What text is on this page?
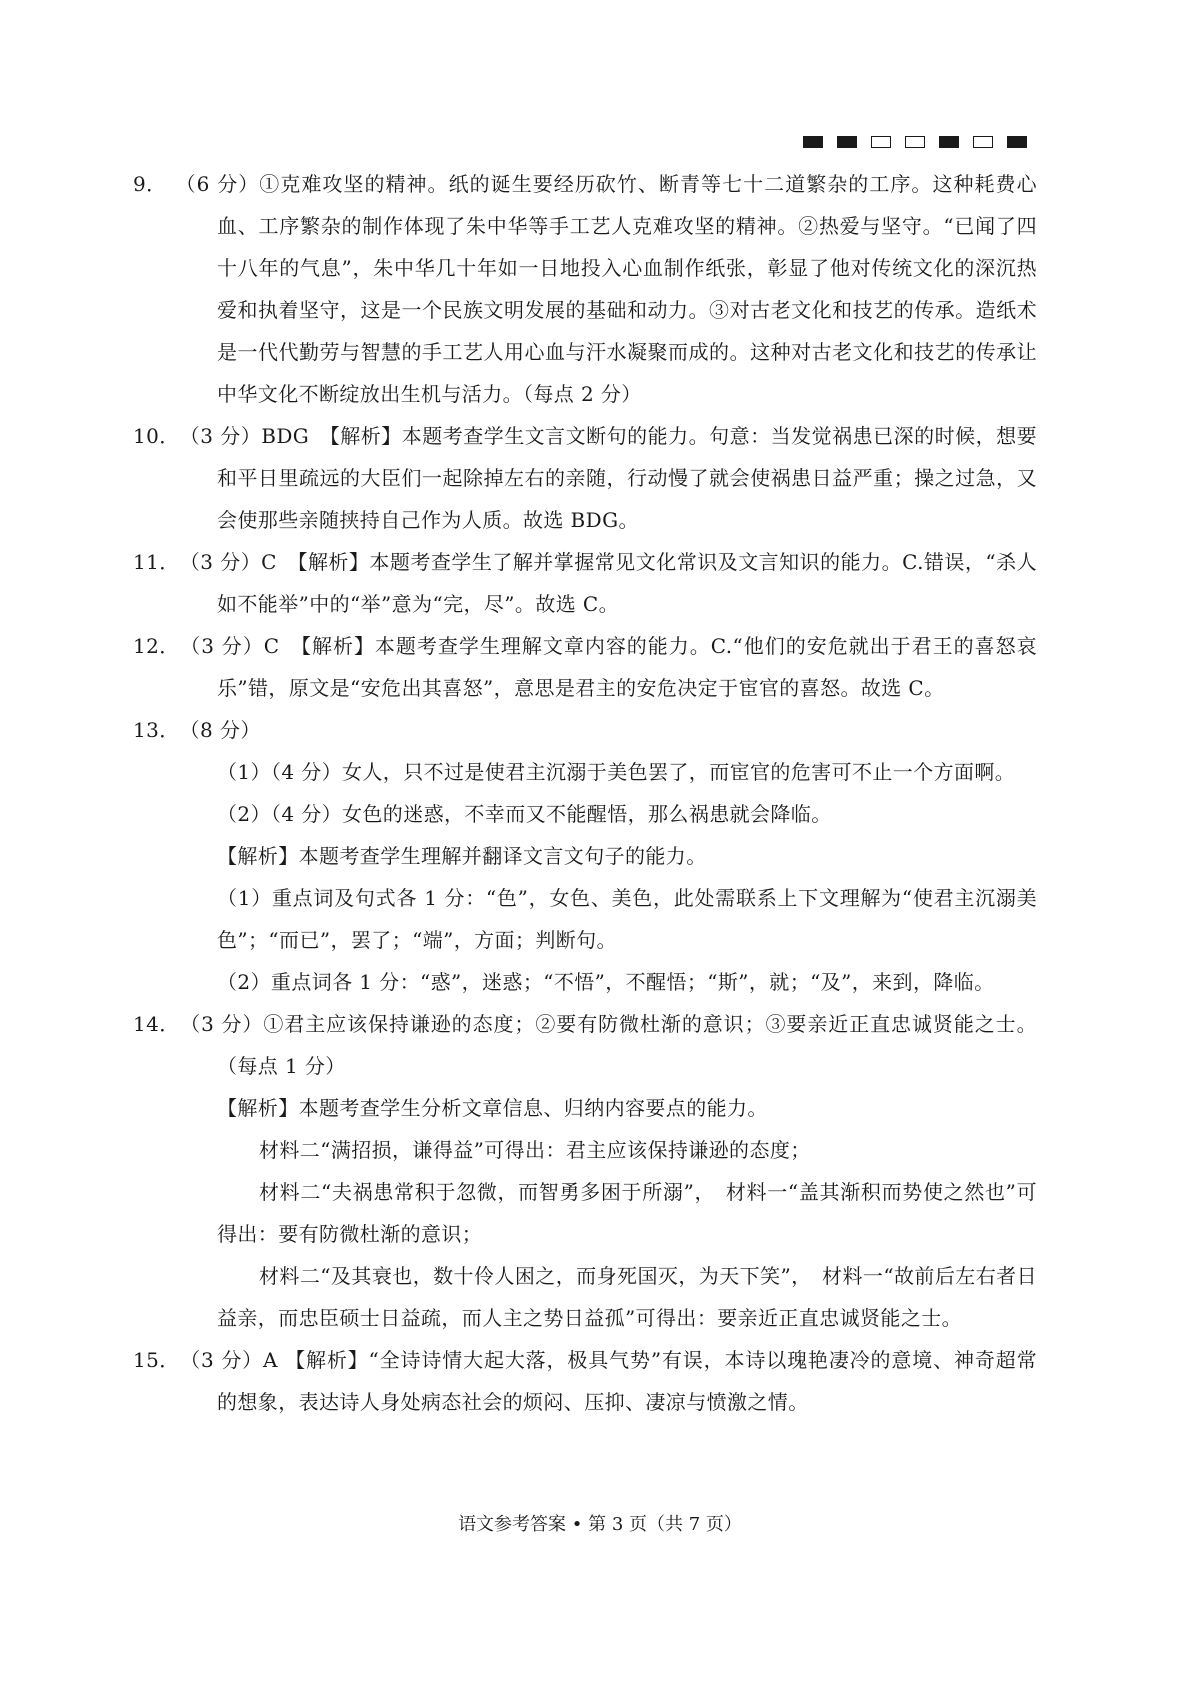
9． （6 分）①克难攻坚的精神。纸的诞生要经历砍竹、断青等七十二道繁杂的工序。这种耗费心血、工序繁杂的制作体现了朱中华等手工艺人克难攻坚的精神。②热爱与坚守。“已闻了四十八年的气息”，朱中华几十年如一日地投入心血制作纸张，彰显了他对传统文化的深沉热爱和执着坚守，这是一个民族文明发展的基础和动力。③对古老文化和技艺的传承。造纸术是一代代勤劳与智慧的手工艺人用心血与汗水凝聚而成的。这种对古老文化和技艺的传承让中华文化不断绽放出生机与活力。（每点 2 分）
10．（3 分）BDG　【解析】本题考查学生文言文断句的能力。句意：当发觉祸患已深的时候，想要和平日里疏远的大臣们一起除掉左右的亲随，行动慢了就会使祸患日益严重；操之过急，又会使那些亲随挟持自己作为人质。故选 BDG。
11．（3 分）C　【解析】本题考查学生了解并掌握常见文化常识及文言知识的能力。C.错误，“杀人如不能举”中的“举”意为“完，尽”。故选 C。
12．（3 分）C　【解析】本题考查学生理解文章内容的能力。C.“他们的安危就出于君王的喜怒哀乐”错，原文是“安危出其喜怒”，意思是君主的安危决定于宦官的喜怒。故选 C。
13．（8 分）

（1）（4 分）女人，只不过是使君主沉溺于美色罢了，而宦官的危害可不止一个方面啊。

（2）（4 分）女色的迷惑，不幸而又不能醒悟，那么祸患就会降临。

【解析】本题考查学生理解并翻译文言文句子的能力。

（1）重点词及句式各 1 分：“色”，女色、美色，此处需联系上下文理解为“使君主沉溺美色”；“而已”，罢了；“端”，方面；判断句。

（2）重点词各 1 分：“惑”，迷惑；“不悟”，不醒悟；“斯”，就；“及”，来到，降临。

14．（3 分）①君主应该保持谦逊的态度；②要有防微杜渐的意识；③要亲近正直忠诚贤能之士。（每点 1 分）

【解析】本题考查学生分析文章信息、归纳内容要点的能力。

材料二“满招损，谦得益”可得出：君主应该保持谦逊的态度；

材料二“夫祸患常积于忽微，而智勇多困于所溺”，　材料一“盖其渐积而势使之然也”可得出：要有防微杜渐的意识；

材料二“及其衰也，数十伶人困之，而身死国灭，为天下笑”，　材料一“故前后左右者日益亲，而忠臣硕士日益疏，而人主之势日益孤”可得出：要亲近正直忠诚贤能之士。

15．（3 分）A 【解析】“全诗诗情大起大落，极具气势”有误，本诗以瑰艳凄冷的意境、神奇超常的想象，表达诗人身处病态社会的烦闷、压抑、凄凉与愤激之情。
语文参考答案 • 第 3 页（共 7 页）
